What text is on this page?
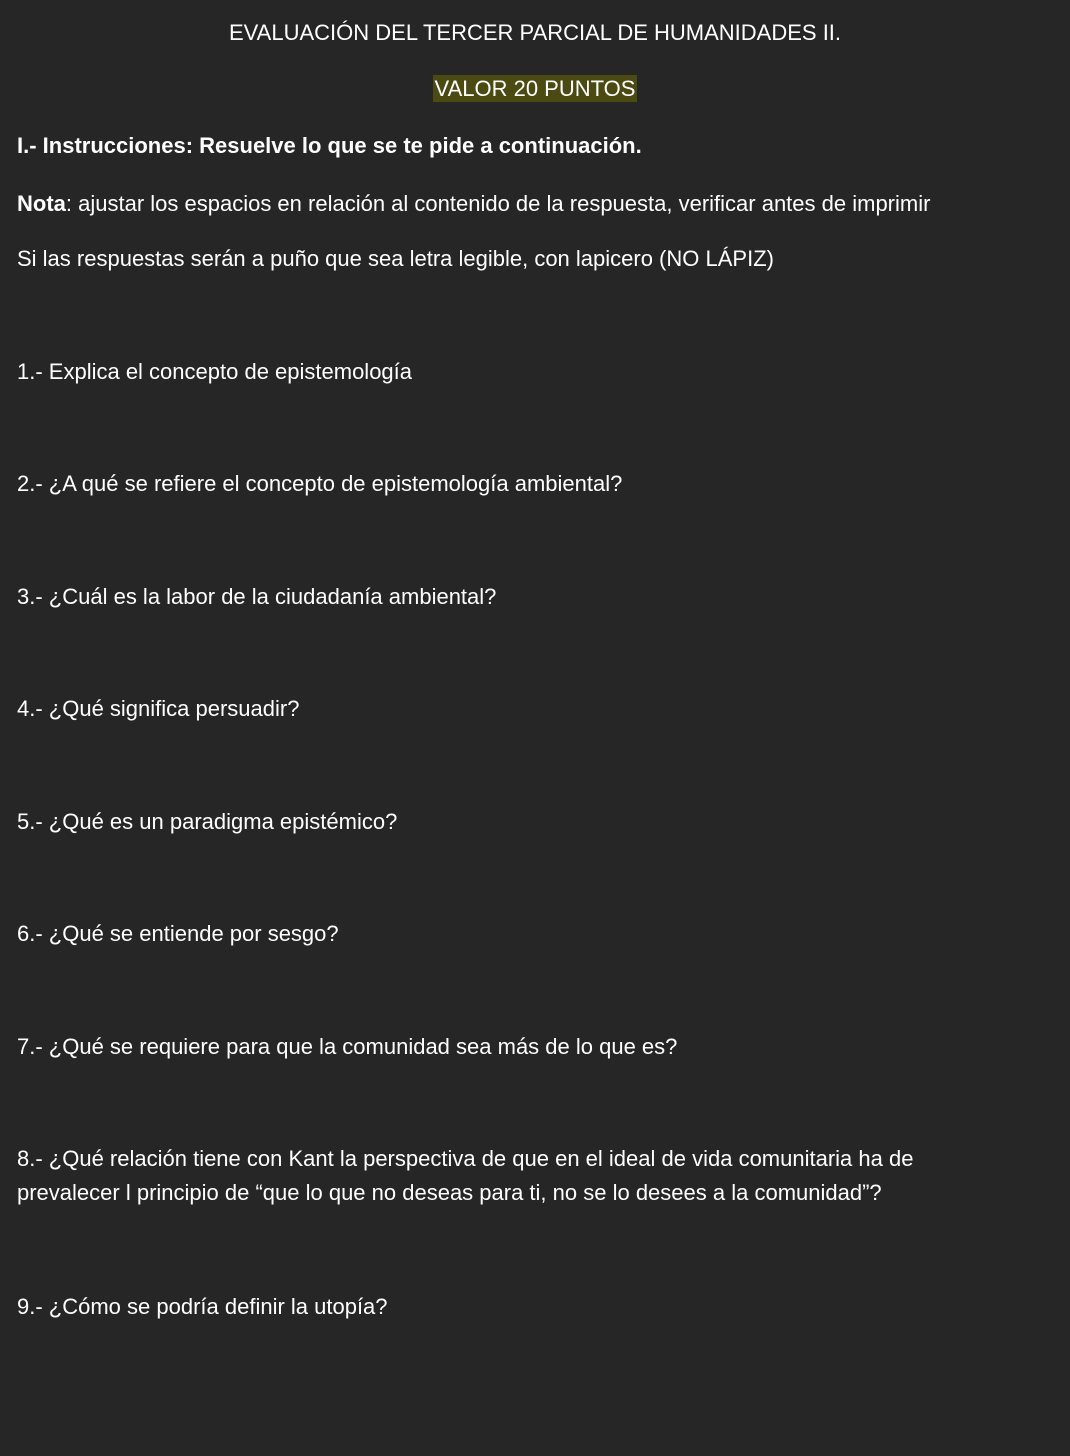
EVALUACIÓN DEL TERCER PARCIAL DE HUMANIDADES II.
VALOR 20 PUNTOS
I.- Instrucciones: Resuelve lo que se te pide a continuación.
Nota: ajustar los espacios en relación al contenido de la respuesta, verificar antes de imprimir
Si las respuestas serán a puño que sea letra legible, con lapicero (NO LÁPIZ)
1.- Explica el concepto de epistemología
2.- ¿A qué se refiere el concepto de epistemología ambiental?
3.- ¿Cuál es la labor de la ciudadanía ambiental?
4.- ¿Qué significa persuadir?
5.- ¿Qué es un paradigma epistémico?
6.- ¿Qué se entiende por sesgo?
7.- ¿Qué se requiere para que la comunidad sea más de lo que es?
8.- ¿Qué relación tiene con Kant la perspectiva de que en el ideal de vida comunitaria ha de
prevalecer l principio de “que lo que no deseas para ti, no se lo desees a la comunidad”?
9.- ¿Cómo se podría definir la utopía?
